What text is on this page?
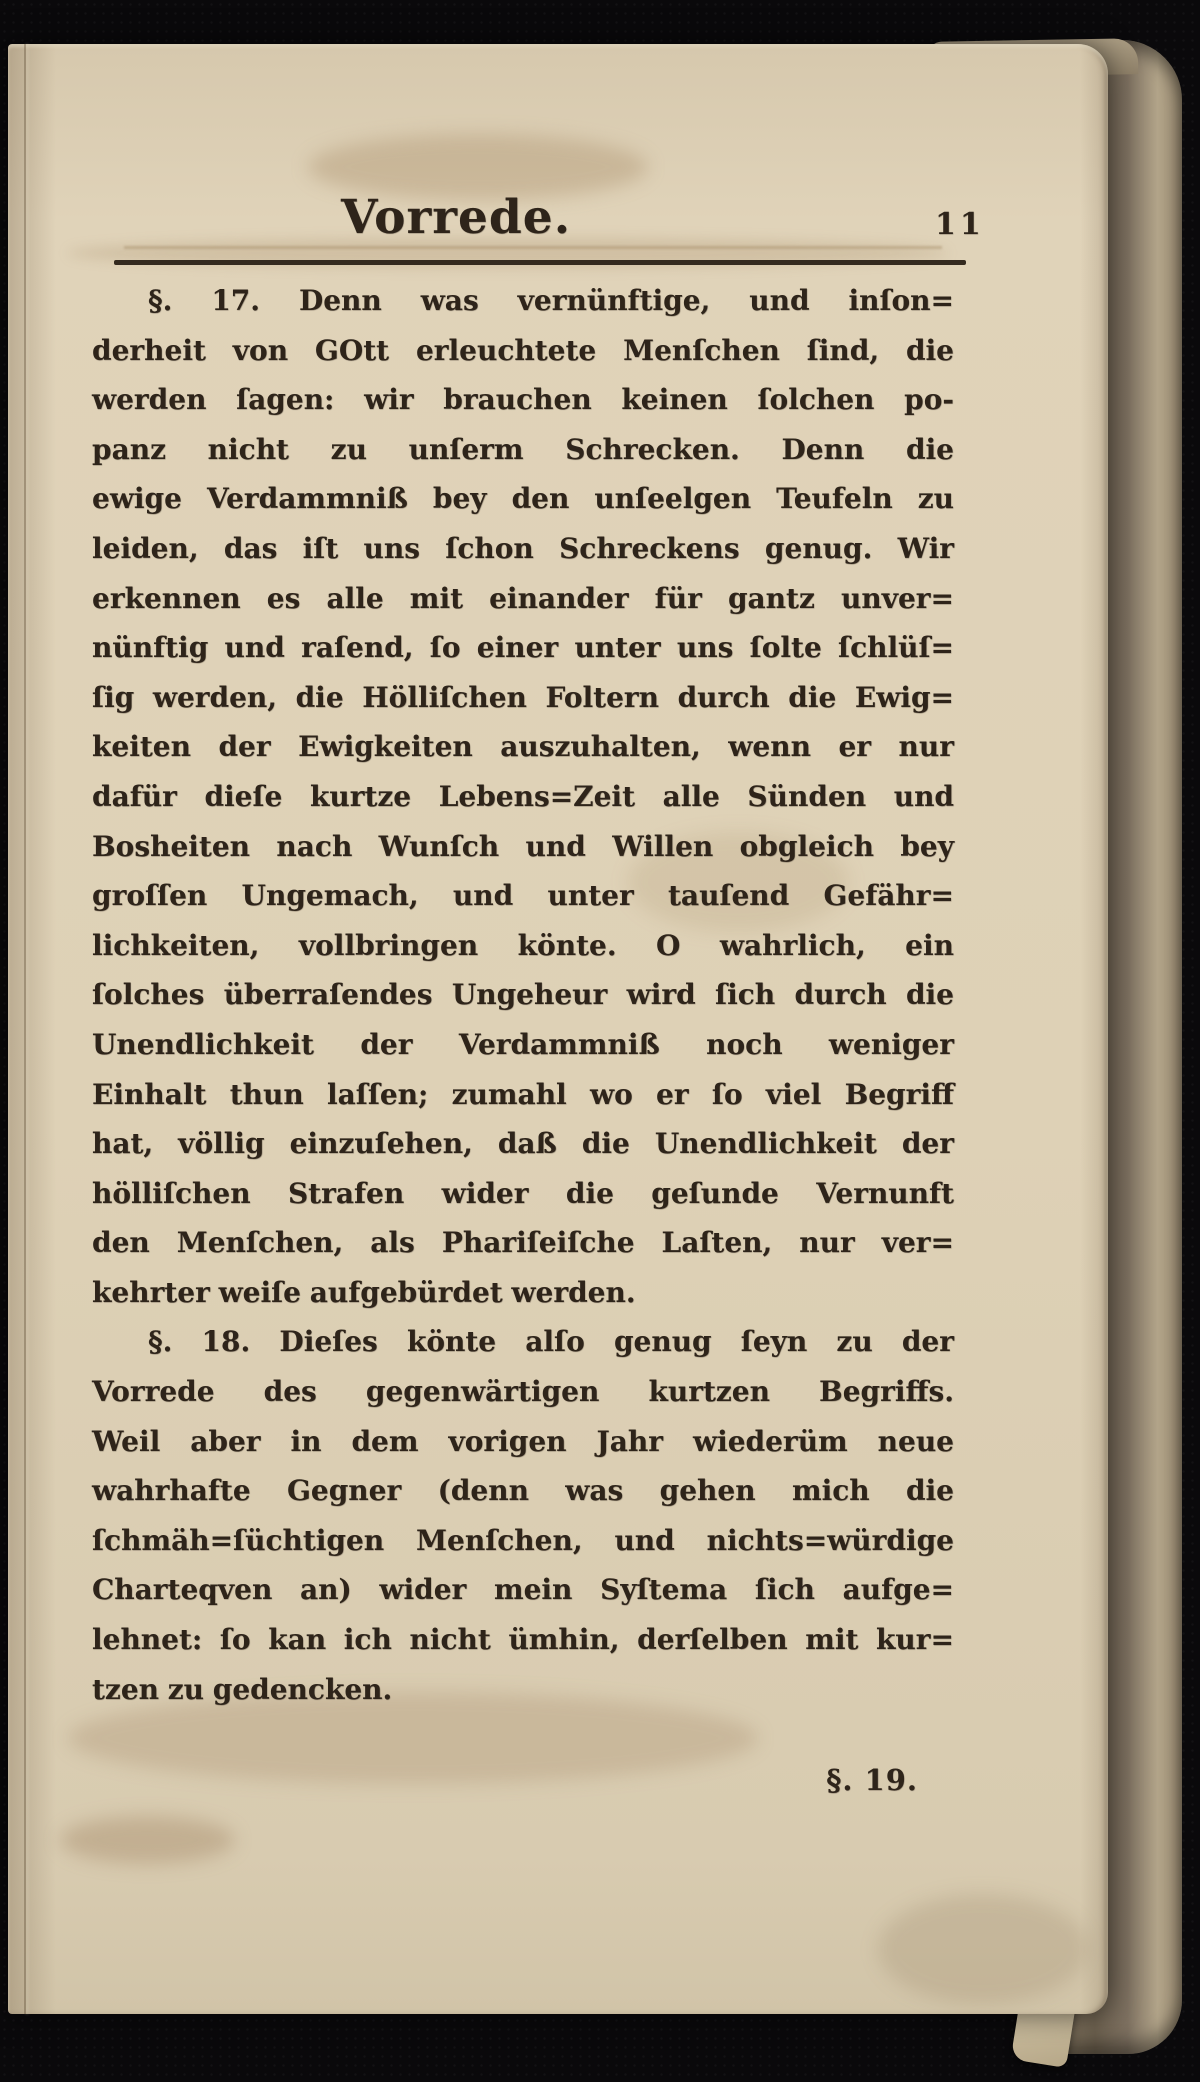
Vorrede.	11

§. 17. Denn was vernünftige, und inſon=

derheit von GOtt erleuchtete Menſchen ſind, die

werden ſagen: wir brauchen keinen ſolchen po-

panz nicht zu unſerm Schrecken. Denn die

ewige Verdammniß bey den unſeelgen Teufeln zu

leiden, das iſt uns ſchon Schreckens genug. Wir

erkennen es alle mit einander für gantz unver=

nünftig und raſend, ſo einer unter uns ſolte ſchlüſ=

ſig werden, die Hölliſchen Foltern durch die Ewig=

keiten der Ewigkeiten auszuhalten, wenn er nur

dafür dieſe kurtze Lebens=Zeit alle Sünden und

Bosheiten nach Wunſch und Willen obgleich bey

groſſen Ungemach, und unter tauſend Gefähr=

lichkeiten, vollbringen könte. O wahrlich, ein

ſolches überraſendes Ungeheur wird ſich durch die

Unendlichkeit der Verdammniß noch weniger

Einhalt thun laſſen; zumahl wo er ſo viel Begriff

hat, völlig einzuſehen, daß die Unendlichkeit der

hölliſchen Strafen wider die geſunde Vernunft

den Menſchen, als Phariſeiſche Laſten, nur ver=

kehrter weiſe aufgebürdet werden.

§. 18. Dieſes könte alſo genug ſeyn zu der

Vorrede des gegenwärtigen kurtzen Begriffs.

Weil aber in dem vorigen Jahr wiederüm neue

wahrhafte Gegner (denn was gehen mich die

ſchmäh=ſüchtigen Menſchen, und nichts=würdige

Charteqven an) wider mein Syſtema ſich aufge=

lehnet: ſo kan ich nicht ümhin, derſelben mit kur=

tzen zu gedencken.

§. 19.
